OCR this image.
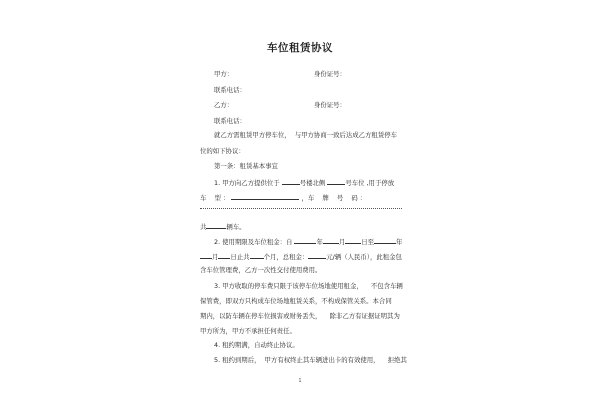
车位租赁协议
甲方：	身份证号：
联系电话：
乙方：	身份证号：
联系电话：
就乙方需租赁甲方停车位，  与甲方协商一致后达成乙方租赁停车
位的如下协议：
第一条：租赁基本事宜
1. 甲方向乙方提供位于	号楼北侧	号车位 ,用于停放
车    型 ：	，车    牌    号    码 ：
共	辆车。
2. 使用期限及车位租金：自	年	月	日至	年
月 日止共 个月，总租金：	元/辆（人民币），此租金包
含车位管理费，乙方一次性交付使用费用。
3. 甲方收取的停车费只限于该停车位场地使用租金，    不包含车辆
保管费，即双方只构成车位场地租赁关系，不构成保管关系。本合同
期内，以防车辆在停车位损害或财务丢失，    除非乙方有证据证明其为
甲方所为，甲方不承担任何责任。
4. 租约期满，自动终止协议。
5. 租约到期后，  甲方有权终止其车辆进出卡的有效使用，    拒绝其
1
